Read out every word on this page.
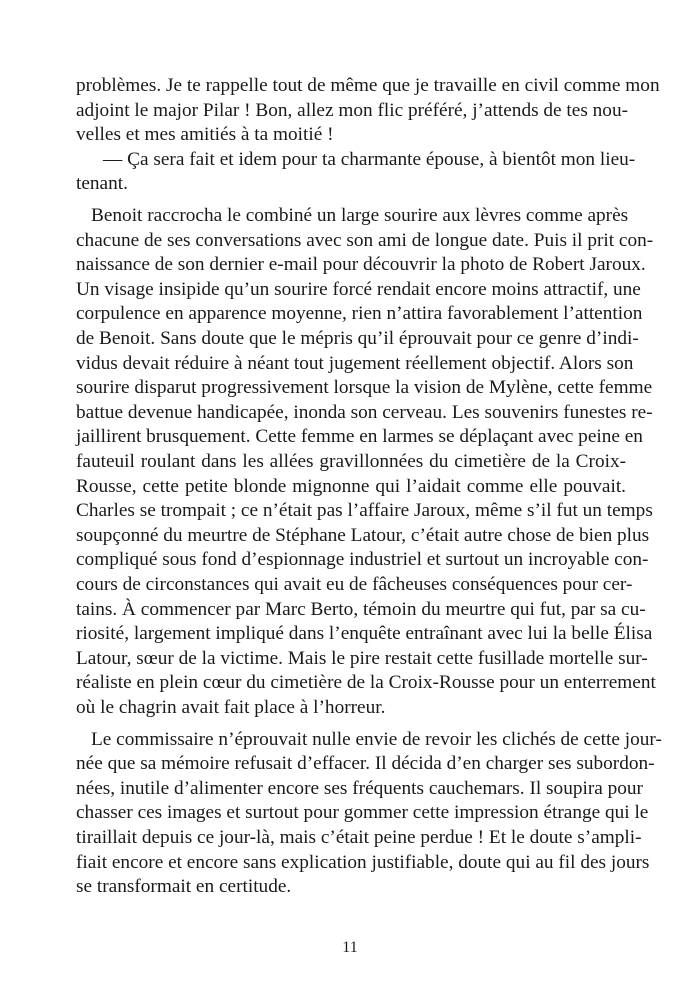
problèmes. Je te rappelle tout de même que je travaille en civil comme mon
adjoint le major Pilar ! Bon, allez mon flic préféré, j’attends de tes nou-
velles et mes amitiés à ta moitié !
— Ça sera fait et idem pour ta charmante épouse, à bientôt mon lieu-
tenant.
Benoit raccrocha le combiné un large sourire aux lèvres comme après
chacune de ses conversations avec son ami de longue date. Puis il prit con-
naissance de son dernier e-mail pour découvrir la photo de Robert Jaroux.
Un visage insipide qu’un sourire forcé rendait encore moins attractif, une
corpulence en apparence moyenne, rien n’attira favorablement l’attention
de Benoit. Sans doute que le mépris qu’il éprouvait pour ce genre d’indi-
vidus devait réduire à néant tout jugement réellement objectif. Alors son
sourire disparut progressivement lorsque la vision de Mylène, cette femme
battue devenue handicapée, inonda son cerveau. Les souvenirs funestes re-
jaillirent brusquement. Cette femme en larmes se déplaçant avec peine en
fauteuil roulant dans les allées gravillonnées du cimetière de la Croix-
Rousse, cette petite blonde mignonne qui l’aidait comme elle pouvait.
Charles se trompait ; ce n’était pas l’affaire Jaroux, même s’il fut un temps
soupçonné du meurtre de Stéphane Latour, c’était autre chose de bien plus
compliqué sous fond d’espionnage industriel et surtout un incroyable con-
cours de circonstances qui avait eu de fâcheuses conséquences pour cer-
tains. À commencer par Marc Berto, témoin du meurtre qui fut, par sa cu-
riosité, largement impliqué dans l’enquête entraînant avec lui la belle Élisa
Latour, sœur de la victime. Mais le pire restait cette fusillade mortelle sur-
réaliste en plein cœur du cimetière de la Croix-Rousse pour un enterrement
où le chagrin avait fait place à l’horreur.
Le commissaire n’éprouvait nulle envie de revoir les clichés de cette jour-
née que sa mémoire refusait d’effacer. Il décida d’en charger ses subordon-
nées, inutile d’alimenter encore ses fréquents cauchemars. Il soupira pour
chasser ces images et surtout pour gommer cette impression étrange qui le
tiraillait depuis ce jour-là, mais c’était peine perdue ! Et le doute s’ampli-
fiait encore et encore sans explication justifiable, doute qui au fil des jours
se transformait en certitude.
11
